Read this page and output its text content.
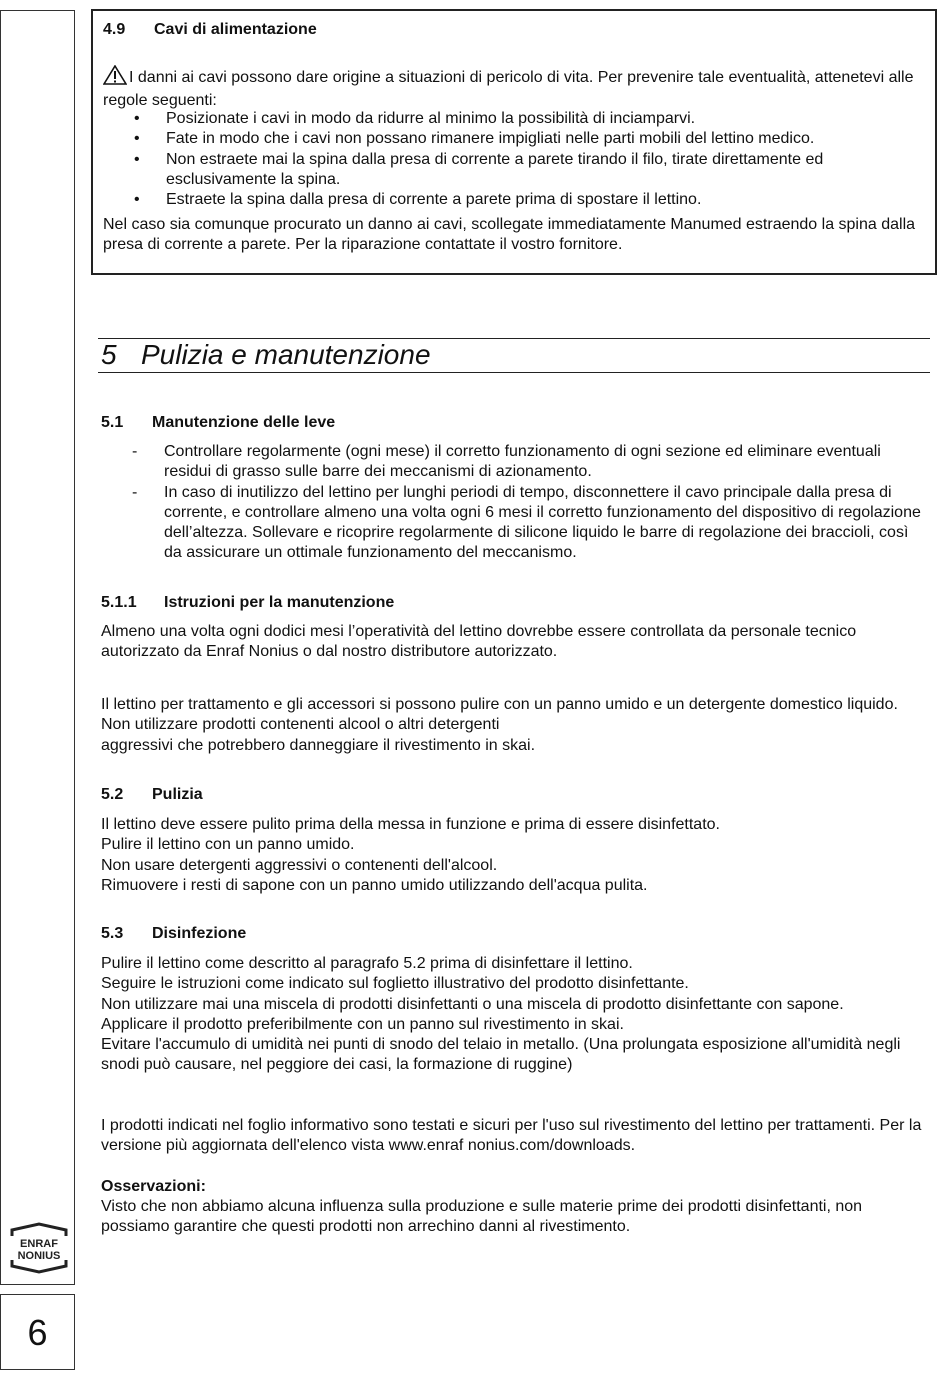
ENRAF
NONIUS
6
4.9 Cavi di alimentazione
I danni ai cavi possono dare origine a situazioni di pericolo di vita. Per prevenire tale eventualità, attenetevi alle regole seguenti:
• Posizionate i cavi in modo da ridurre al minimo la possibilità di inciamparvi.
• Fate in modo che i cavi non possano rimanere impigliati nelle parti mobili del lettino medico.
• Non estraete mai la spina dalla presa di corrente a parete tirando il filo, tirate direttamente ed esclusivamente la spina.
• Estraete la spina dalla presa di corrente a parete prima di spostare il lettino.
Nel caso sia comunque procurato un danno ai cavi, scollegate immediatamente Manumed estraendo la spina dalla presa di corrente a parete. Per la riparazione contattate il vostro fornitore.
5 Pulizia e manutenzione
5.1 Manutenzione delle leve
- Controllare regolarmente (ogni mese) il corretto funzionamento di ogni sezione ed eliminare eventuali residui di grasso sulle barre dei meccanismi di azionamento.
- In caso di inutilizzo del lettino per lunghi periodi di tempo, disconnettere il cavo principale dalla presa di corrente, e controllare almeno una volta ogni 6 mesi il corretto funzionamento del dispositivo di regolazione dell’altezza. Sollevare e ricoprire regolarmente di silicone liquido le barre di regolazione dei braccioli, così da assicurare un ottimale funzionamento del meccanismo.
5.1.1 Istruzioni per la manutenzione

Almeno una volta ogni dodici mesi l’operatività del lettino dovrebbe essere controllata da personale tecnico autorizzato da Enraf Nonius o dal nostro distributore autorizzato.

Il lettino per trattamento e gli accessori si possono pulire con un panno umido e un detergente domestico liquido. Non utilizzare prodotti contenenti alcool o altri detergenti

aggressivi che potrebbero danneggiare il rivestimento in skai.

5.2 Pulizia

Il lettino deve essere pulito prima della messa in funzione e prima di essere disinfettato.

Pulire il lettino con un panno umido.

Non usare detergenti aggressivi o contenenti dell'alcool.

Rimuovere i resti di sapone con un panno umido utilizzando dell'acqua pulita.

5.3 Disinfezione

Pulire il lettino come descritto al paragrafo 5.2 prima di disinfettare il lettino.

Seguire le istruzioni come indicato sul foglietto illustrativo del prodotto disinfettante.

Non utilizzare mai una miscela di prodotti disinfettanti o una miscela di prodotto disinfettante con sapone.

Applicare il prodotto preferibilmente con un panno sul rivestimento in skai.

Evitare l'accumulo di umidità nei punti di snodo del telaio in metallo. (Una prolungata esposizione all'umidità negli snodi può causare, nel peggiore dei casi, la formazione di ruggine)

I prodotti indicati nel foglio informativo sono testati e sicuri per l'uso sul rivestimento del lettino per trattamenti. Per la versione più aggiornata dell'elenco vista www.enraf nonius.com/downloads.

Osservazioni:

Visto che non abbiamo alcuna influenza sulla produzione e sulle materie prime dei prodotti disinfettanti, non possiamo garantire che questi prodotti non arrechino danni al rivestimento.
